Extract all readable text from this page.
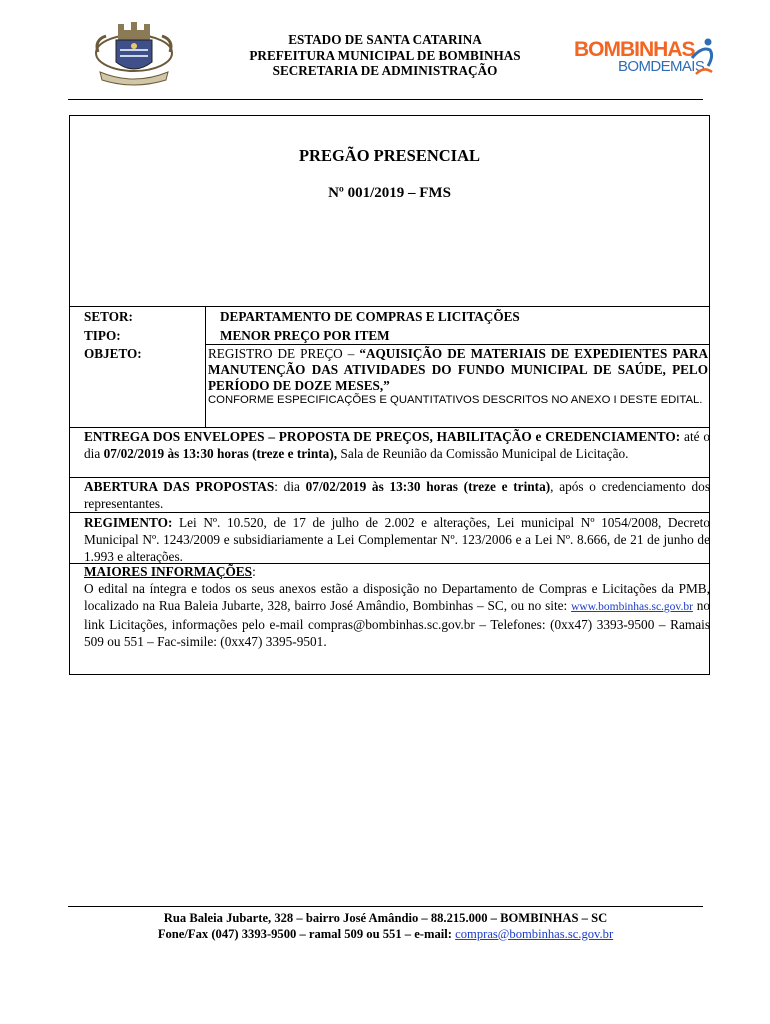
ESTADO DE SANTA CATARINA
PREFEITURA MUNICIPAL DE BOMBINHAS
SECRETARIA DE ADMINISTRAÇÃO
BOMBINHAS
BOMDEMAIS
PREGÃO PRESENCIAL
Nº 001/2019 – FMS
SETOR:	DEPARTAMENTO DE COMPRAS E LICITAÇÕES
TIPO:	MENOR PREÇO POR ITEM
OBJETO:	REGISTRO DE PREÇO – “AQUISIÇÃO DE MATERIAIS DE EXPEDIENTES PARA MANUTENÇÃO DAS ATIVIDADES DO FUNDO MUNICIPAL DE SAÚDE, PELO PERÍODO DE DOZE MESES,”
CONFORME ESPECIFICAÇÕES E QUANTITATIVOS DESCRITOS NO ANEXO I DESTE EDITAL.
ENTREGA DOS ENVELOPES – PROPOSTA DE PREÇOS, HABILITAÇÃO e CREDENCIAMENTO: até o dia 07/02/2019 às 13:30 horas (treze e trinta), Sala de Reunião da Comissão Municipal de Licitação.
ABERTURA DAS PROPOSTAS: dia 07/02/2019 às 13:30 horas (treze e trinta), após o credenciamento dos representantes.
REGIMENTO: Lei Nº. 10.520, de 17 de julho de 2.002 e alterações, Lei municipal Nº 1054/2008, Decreto Municipal Nº. 1243/2009 e subsidiariamente a Lei Complementar Nº. 123/2006 e a Lei Nº. 8.666, de 21 de junho de 1.993 e alterações.
MAIORES INFORMAÇÕES:
O edital na íntegra e todos os seus anexos estão a disposição no Departamento de Compras e Licitações da PMB, localizado na Rua Baleia Jubarte, 328, bairro José Amândio, Bombinhas – SC, ou no site: www.bombinhas.sc.gov.br no link Licitações, informações pelo e-mail compras@bombinhas.sc.gov.br – Telefones: (0xx47) 3393-9500 – Ramais 509 ou 551 – Fac-simile: (0xx47) 3395-9501.
Rua Baleia Jubarte, 328 – bairro José Amândio – 88.215.000 – BOMBINHAS – SC
Fone/Fax (047) 3393-9500 – ramal 509 ou 551 – e-mail: compras@bombinhas.sc.gov.br
